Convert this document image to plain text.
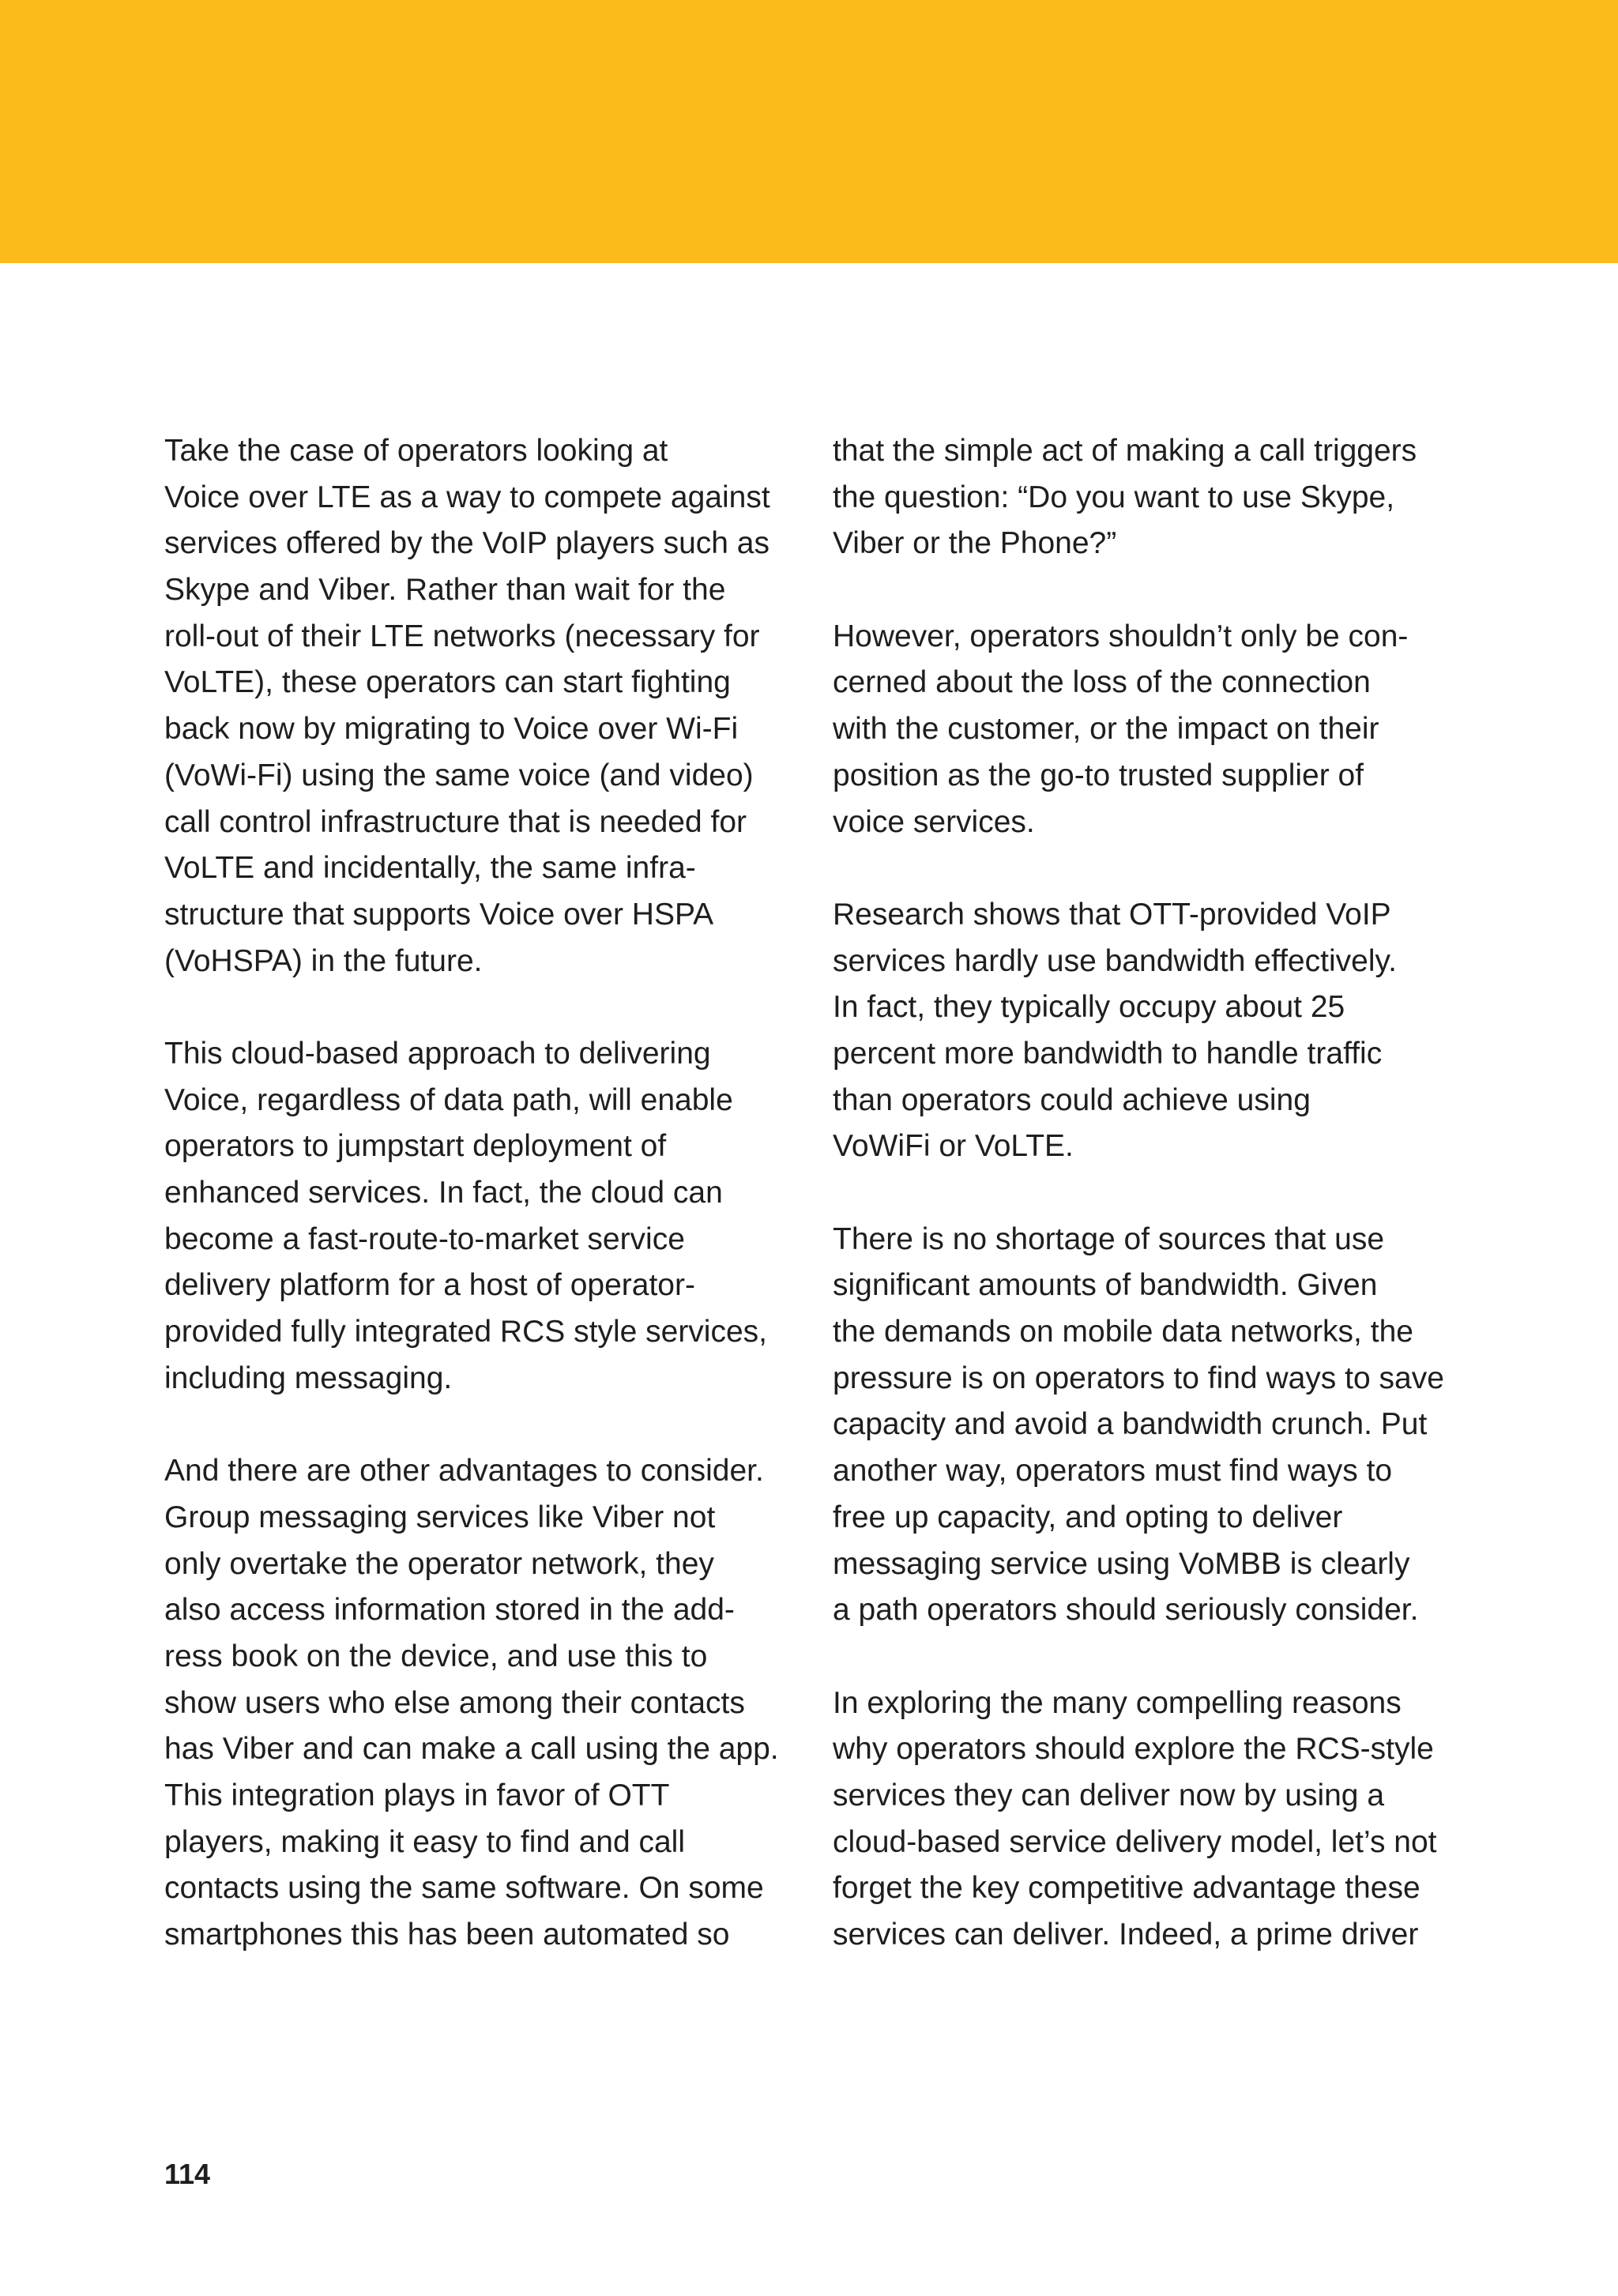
Take the case of operators looking at
Voice over LTE as a way to compete against
services offered by the VoIP players such as
Skype and Viber. Rather than wait for the
roll-out of their LTE networks (necessary for
VoLTE), these operators can start fighting
back now by migrating to Voice over Wi-Fi
(VoWi-Fi) using the same voice (and video)
call control infrastructure that is needed for
VoLTE and incidentally, the same infra-
structure that supports Voice over HSPA
(VoHSPA) in the future.
This cloud-based approach to delivering
Voice, regardless of data path, will enable
operators to jumpstart deployment of
enhanced services. In fact, the cloud can
become a fast-route-to-market service
delivery platform for a host of operator-
provided fully integrated RCS style services,
including messaging.
And there are other advantages to consider.
Group messaging services like Viber not
only overtake the operator network, they
also access information stored in the add-
ress book on the device, and use this to
show users who else among their contacts
has Viber and can make a call using the app.
This integration plays in favor of OTT
players, making it easy to find and call
contacts using the same software. On some
smartphones this has been automated so
that the simple act of making a call triggers
the question: “Do you want to use Skype,
Viber or the Phone?”
However, operators shouldn’t only be con-
cerned about the loss of the connection
with the customer, or the impact on their
position as the go-to trusted supplier of
voice services.
Research shows that OTT-provided VoIP
services hardly use bandwidth effectively.
In fact, they typically occupy about 25
percent more bandwidth to handle traffic
than operators could achieve using
VoWiFi or VoLTE.
There is no shortage of sources that use
significant amounts of bandwidth. Given
the demands on mobile data networks, the
pressure is on operators to find ways to save
capacity and avoid a bandwidth crunch. Put
another way, operators must find ways to
free up capacity, and opting to deliver
messaging service using VoMBB is clearly
a path operators should seriously consider.
In exploring the many compelling reasons
why operators should explore the RCS-style
services they can deliver now by using a
cloud-based service delivery model, let’s not
forget the key competitive advantage these
services can deliver. Indeed, a prime driver
114
